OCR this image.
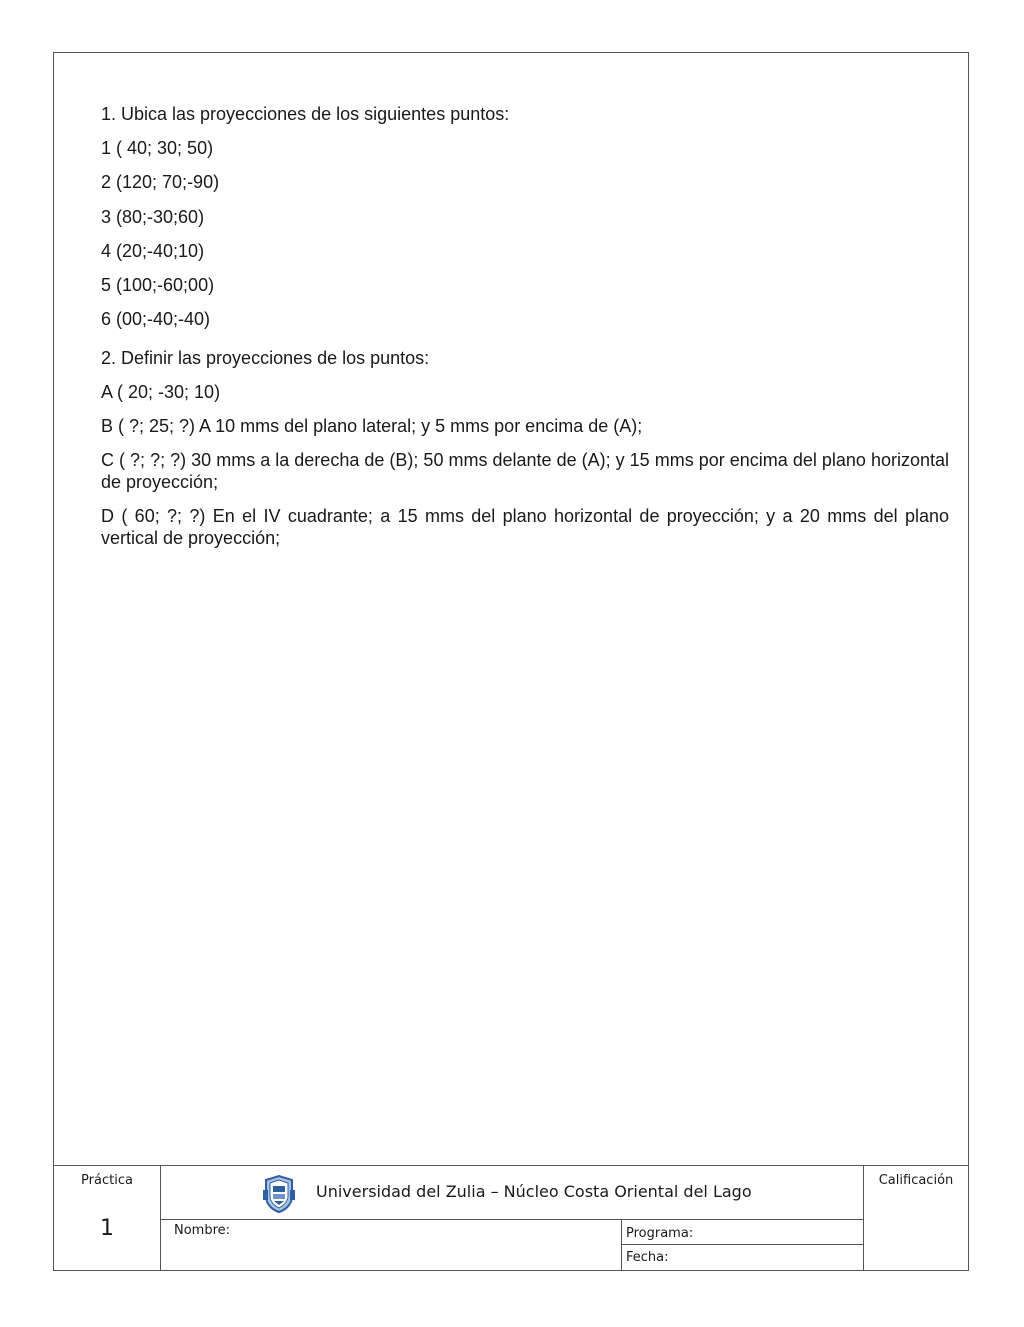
1. Ubica las proyecciones de los siguientes puntos:
1 ( 40; 30; 50)
2 (120; 70;-90)
3 (80;-30;60)
4 (20;-40;10)
5 (100;-60;00)
6 (00;-40;-40)
2. Definir las proyecciones de los puntos:
A ( 20; -30; 10)
B ( ?; 25; ?) A 10 mms del plano lateral; y 5 mms por encima de (A);
C ( ?; ?; ?) 30 mms a la derecha de (B); 50 mms delante de (A); y 15 mms por encima del plano horizontal de proyección;
D ( 60; ?; ?) En el IV cuadrante; a 15 mms del plano horizontal de proyección; y a 20 mms del plano vertical de proyección;
Práctica
1
Universidad del Zulia – Núcleo Costa Oriental del Lago
Calificación
Nombre:	Programa:
Fecha:
